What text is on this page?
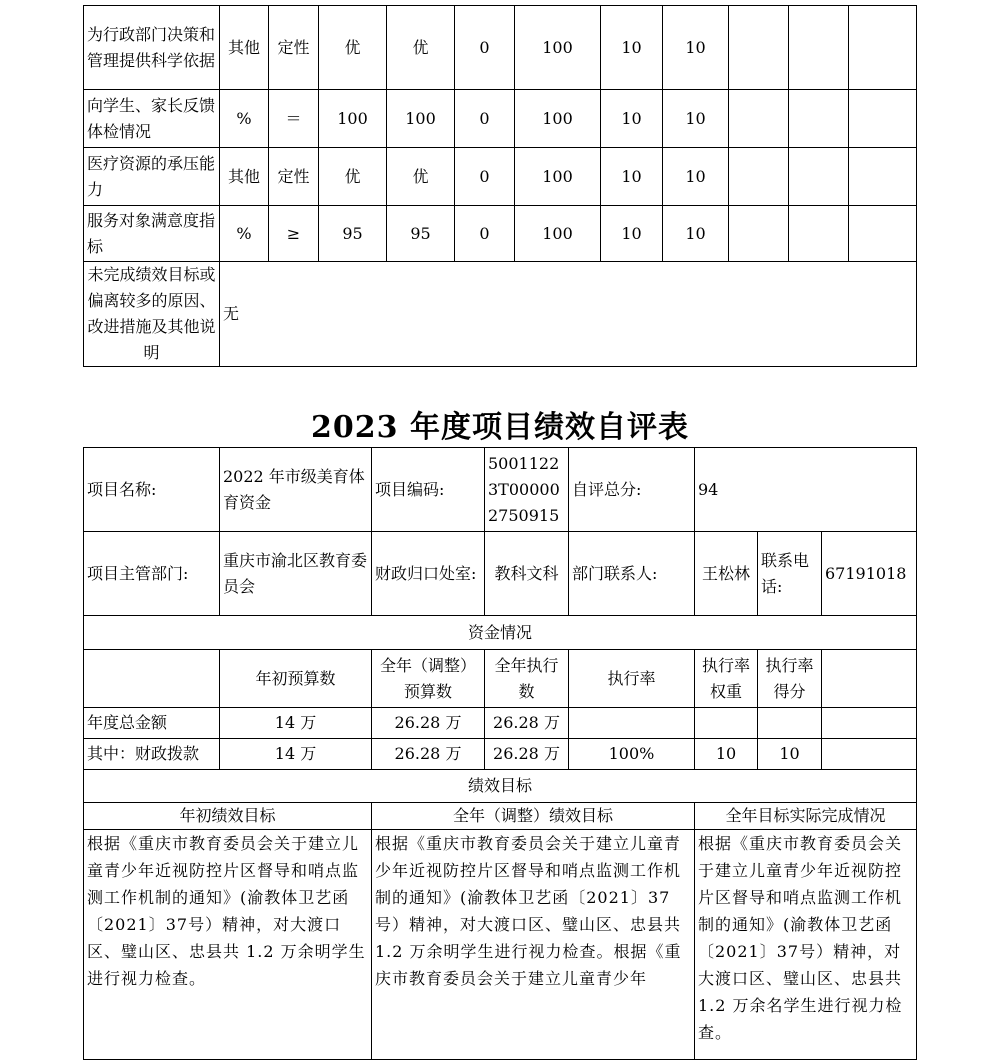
为行政部门决策和管理提供科学依据	其他	定性	优	优	0	100	10	10			
向学生、家长反馈体检情况	%	＝	100	100	0	100	10	10			
医疗资源的承压能力	其他	定性	优	优	0	100	10	10			
服务对象满意度指标	%	≥	95	95	0	100	10	10			
未完成绩效目标或偏离较多的原因、改进措施及其他说明	无										
2023 年度项目绩效自评表
项目名称:	2022 年市级美育体育资金	项目编码:	50011223T000002750915	自评总分:	94		
项目主管部门:	重庆市渝北区教育委员会	财政归口处室:	教科文科	部门联系人:	王松林	联系电话:	67191018
资金情况							
	年初预算数	全年（调整）预算数	全年执行数	执行率	执行率权重	执行率得分	
年度总金额	14 万	26.28 万	26.28 万				
其中：财政拨款	14 万	26.28 万	26.28 万	100%	10	10	
绩效目标							
年初绩效目标		全年（调整）绩效目标			全年目标实际完成情况		
根据《重庆市教育委员会关于建立儿童青少年近视防控片区督导和哨点监测工作机制的通知》(渝教体卫艺函〔2021〕37号）精神，对大渡口区、璧山区、忠县共 1.2 万余明学生进行视力检查。		根据《重庆市教育委员会关于建立儿童青少年近视防控片区督导和哨点监测工作机制的通知》(渝教体卫艺函〔2021〕37号）精神，对大渡口区、璧山区、忠县共 1.2 万余明学生进行视力检查。根据《重庆市教育委员会关于建立儿童青少年			根据《重庆市教育委员会关于建立儿童青少年近视防控片区督导和哨点监测工作机制的通知》(渝教体卫艺函〔2021〕37号）精神，对大渡口区、璧山区、忠县共 1.2 万余名学生进行视力检查。		
